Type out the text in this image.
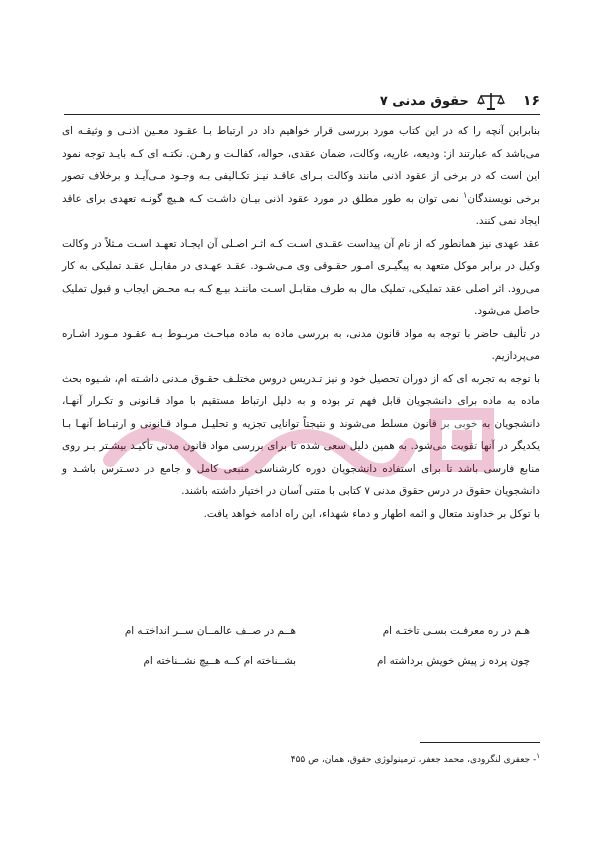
۱۶
حقوق مدنی ۷

بنابراین آنچه را که در این کتاب مورد بررسی قرار خواهیم داد در ارتباط بـا عقـود معـین اذنـی و وثیقـه ای می‌باشد که عبارتند از: ودیعه، عاریه، وکالت، ضمان عقدی، حواله، کفالـت و رهـن. نکتـه ای کـه بایـد توجه نمود این است که در برخی از عقود اذنی مانند وکالت بـرای عاقـد نیـز تکـالیفی بـه وجـود مـی‌آیـد و برخلاف تصور برخی نویسندگان$^۱$ نمی توان به طور مطلق در مورد عقود اذنی بیـان داشـت کـه هـیچ گونـه تعهدی برای عاقد ایجاد نمی کنند.

عقد عهدی نیز همانطور که از نام آن پیداست عقـدی اسـت کـه اثـر اصـلی آن ایجـاد تعهـد اسـت مـثلاً در وکالت وکیل در برابر موکل متعهد به پیگیـری امـور حقـوقی وی مـی‌شـود. عقـد عهـدی در مقابـل عقـد تملیکی به کار می‌رود. اثر اصلی عقد تملیکی، تملیک مال به طرف مقابـل اسـت ماننـد بیـع کـه بـه محـض ایجاب و قبول تملیک حاصل می‌شود.

در تألیف حاضر با توجه به مواد قانون مدنی، به بررسی ماده به ماده مباحـث مربـوط بـه عقـود مـورد اشـاره می‌پردازیم.

با توجه به تجربه ای که از دوران تحصیل خود و نیز تـدریس دروس مختلـف حقـوق مـدنی داشـته ام، شـیوه بحث ماده به ماده برای دانشجویان قابل فهم تر بوده و به دلیل ارتباط مستقیم با مواد قـانونی و تکـرار آنهـا، دانشجویان به خوبی بر قانون مسلط می‌شوند و نتیجتاً توانایی تجزیه و تحلیـل مـواد قـانونی و ارتبـاط آنهـا بـا یکدیگر در آنها تقویت می‌شود. به همین دلیل سعی شده تا برای بررسی مواد قانون مدنی تأکیـد بیشـتر بـر روی منابع فارسی باشد تا برای استفاده دانشجویان دوره کارشناسی منبعی کامل و جامع در دسـترس باشـد و دانشجویان حقوق در درس حقوق مدنی ۷ کتابی با متنی آسان در اختیار داشته باشند.

با توکل بر خداوند متعال و ائمه اطهار و دماء شهداء، این راه ادامه خواهد یافت.

هـم در ره معرفـت بسـی تاختـه ام
هــم در صــف عالمــان ســر انداختـه ام
چون پرده ز پیش خویش برداشته ام
بشــناخته ام کــه هــیچ نشــناخته ام
$^۱$- جعفری لنگرودی، محمد جعفر، ترمینولوژی حقوق، همان، ص ۴۵۵
